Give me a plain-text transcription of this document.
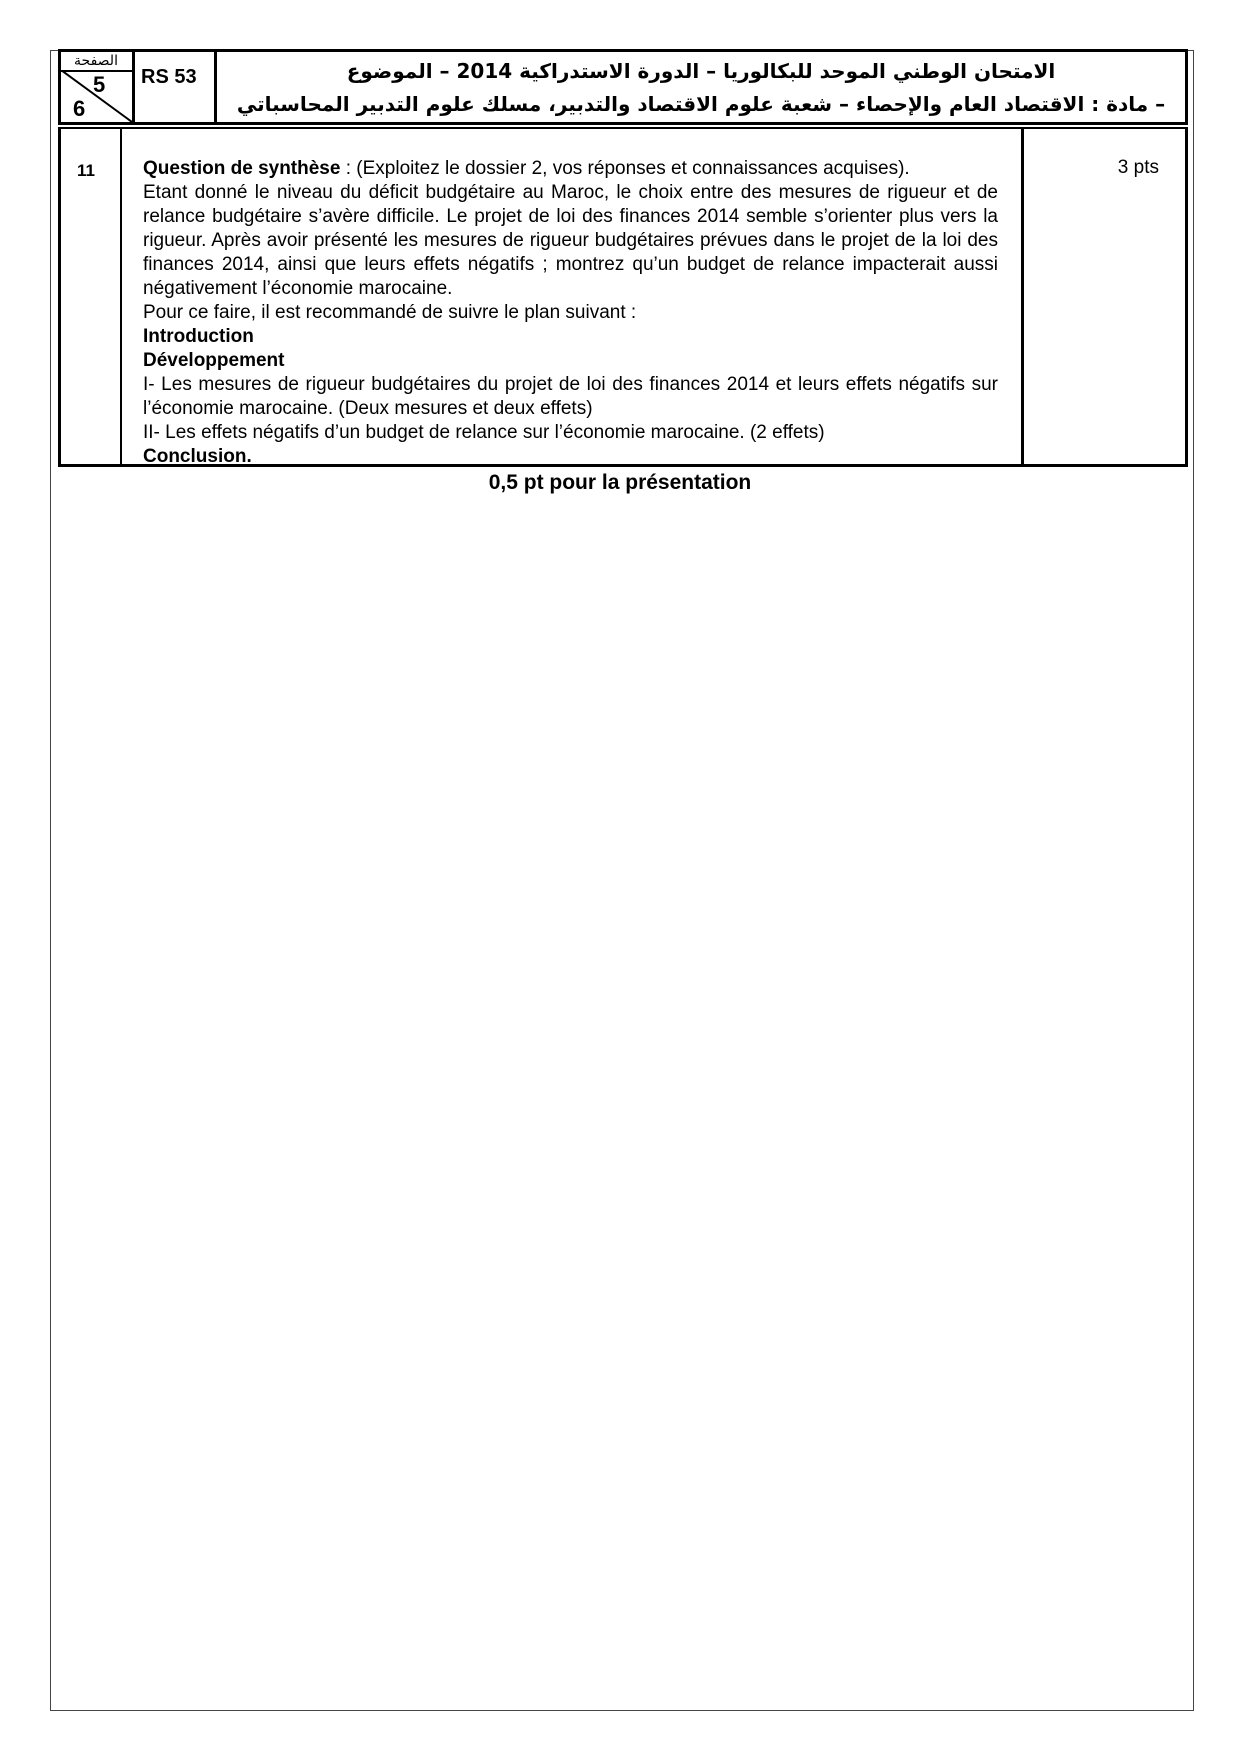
الصفحة
5
6
RS 53	الامتحان الوطني الموحد للبكالوريا – الدورة الاستدراكية 2014 – الموضوع
– مادة : الاقتصاد العام والإحصاء – شعبة علوم الاقتصاد والتدبير، مسلك علوم التدبير المحاسباتي
11	Question de synthèse : (Exploitez le dossier 2, vos réponses et connaissances acquises).

Etant donné le niveau du déficit budgétaire au Maroc, le choix entre des mesures de rigueur et de relance budgétaire s’avère difficile. Le projet de loi des finances 2014 semble s’orienter plus vers la rigueur. Après avoir présenté les mesures de rigueur budgétaires prévues dans le projet de la loi des finances 2014, ainsi que leurs effets négatifs ; montrez qu’un budget de relance impacterait aussi négativement l’économie marocaine.

Pour ce faire, il est recommandé de suivre le plan suivant :

Introduction

Développement

I- Les mesures de rigueur budgétaires du projet de loi des finances 2014 et leurs effets négatifs sur l’économie marocaine. (Deux mesures et deux effets)

II- Les effets négatifs d’un budget de relance sur l’économie marocaine. (2 effets)

Conclusion.

3 pts
0,5 pt pour la présentation
